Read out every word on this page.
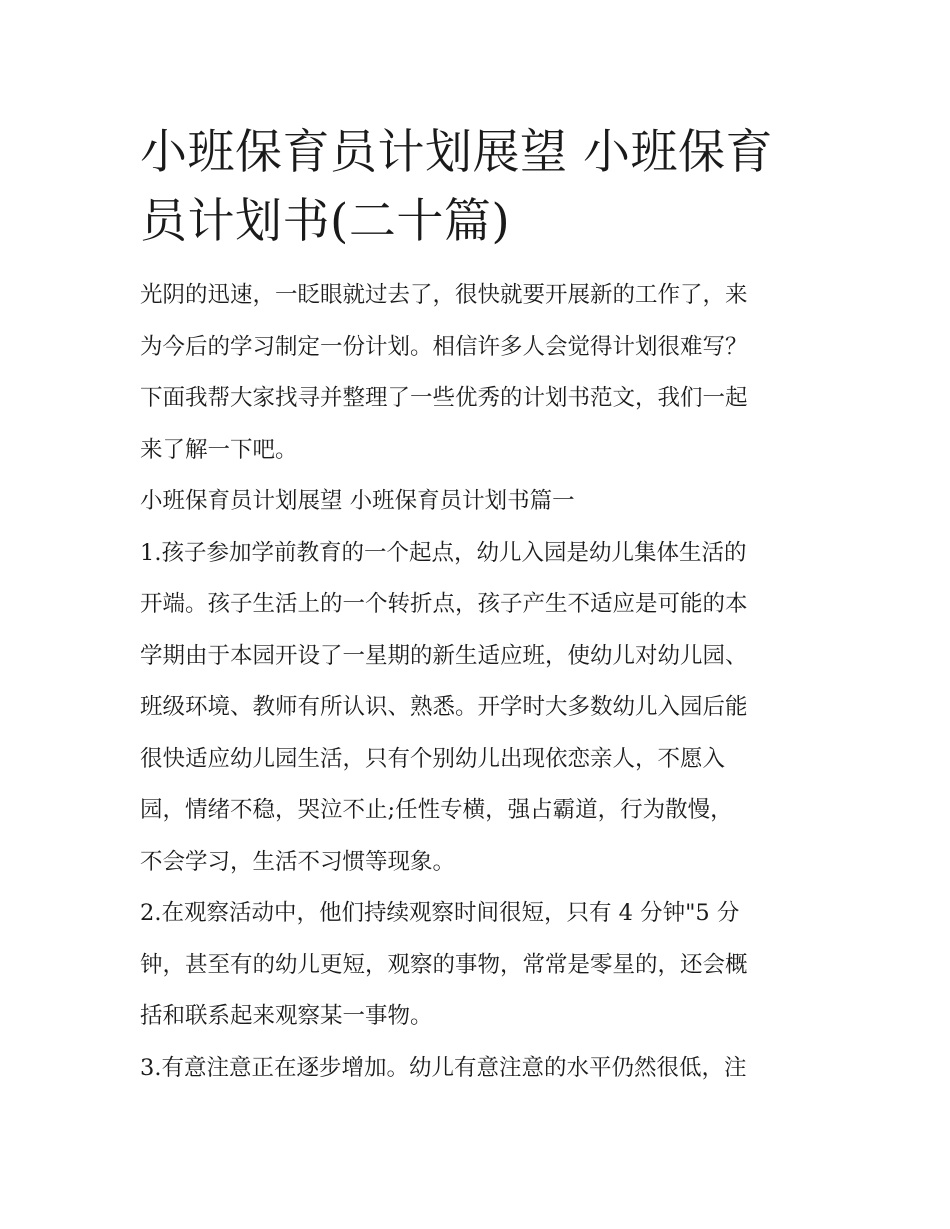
小班保育员计划展望 小班保育
员计划书(二十篇)

光阴的迅速，一眨眼就过去了，很快就要开展新的工作了，来
为今后的学习制定一份计划。相信许多人会觉得计划很难写？
下面我帮大家找寻并整理了一些优秀的计划书范文，我们一起
来了解一下吧。

小班保育员计划展望 小班保育员计划书篇一

1.孩子参加学前教育的一个起点，幼儿入园是幼儿集体生活的
开端。孩子生活上的一个转折点，孩子产生不适应是可能的本
学期由于本园开设了一星期的新生适应班，使幼儿对幼儿园、
班级环境、教师有所认识、熟悉。开学时大多数幼儿入园后能
很快适应幼儿园生活，只有个别幼儿出现依恋亲人，不愿入
园，情绪不稳，哭泣不止;任性专横，强占霸道，行为散慢，
不会学习，生活不习惯等现象。

2.在观察活动中，他们持续观察时间很短，只有 4 分钟"5 分
钟，甚至有的幼儿更短，观察的事物，常常是零星的，还会概
括和联系起来观察某一事物。

3.有意注意正在逐步增加。幼儿有意注意的水平仍然很低，注
